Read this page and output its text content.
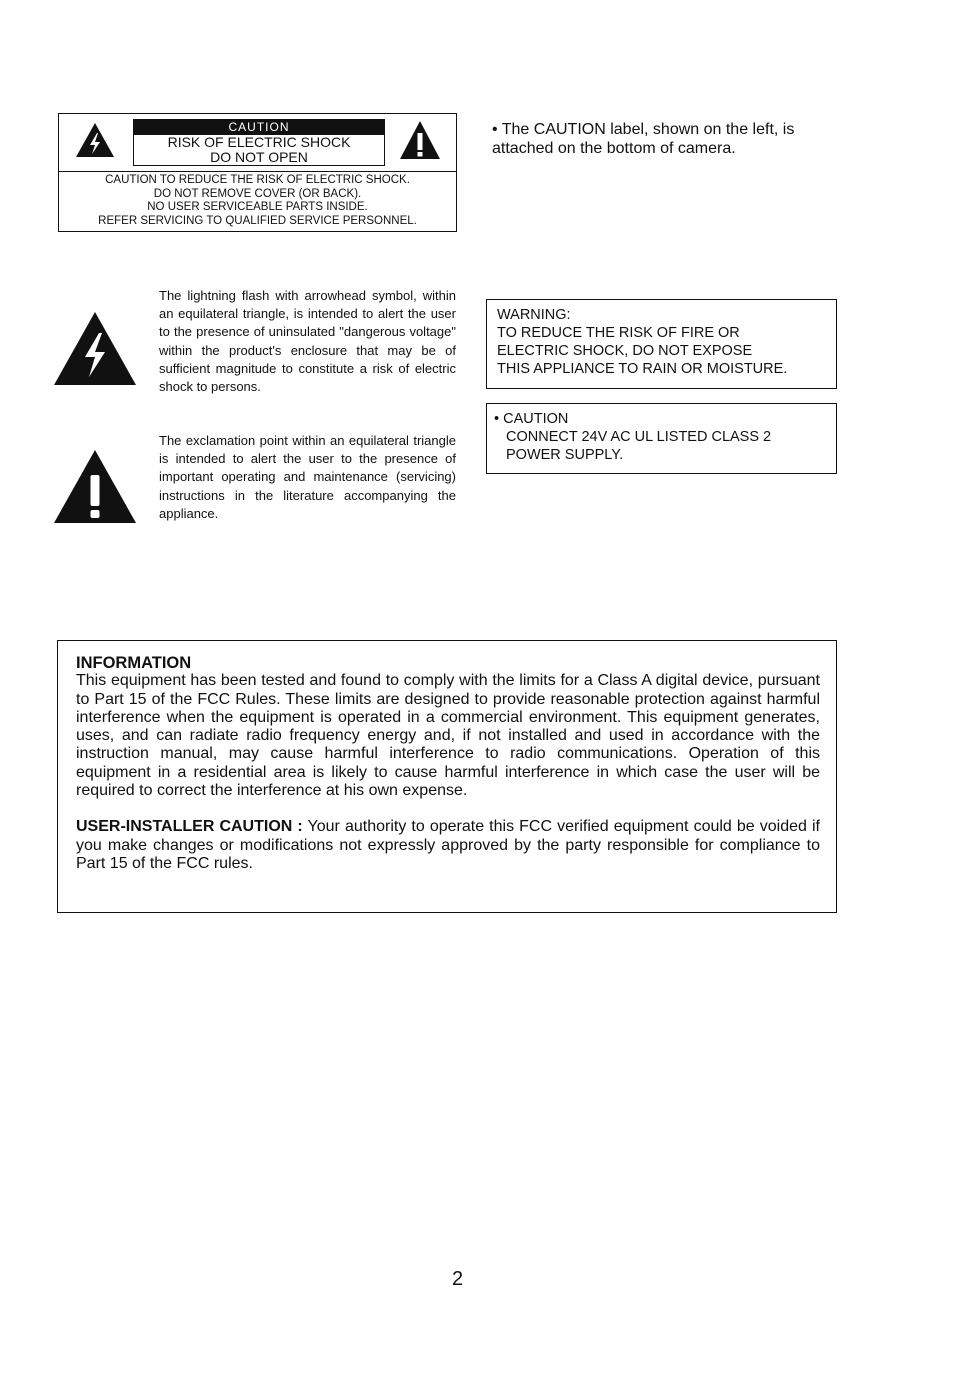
CAUTION
RISK OF ELECTRIC SHOCK
DO NOT OPEN
CAUTION TO REDUCE THE RISK OF ELECTRIC SHOCK.
DO NOT REMOVE COVER (OR BACK).
NO USER SERVICEABLE PARTS INSIDE.
REFER SERVICING TO QUALIFIED SERVICE PERSONNEL.
• The CAUTION label, shown on the left, is attached on the bottom of camera.
The lightning flash with arrowhead symbol, within an equilateral triangle, is intended to alert the user to the presence of uninsulated "dangerous voltage" within the product's enclosure that may be of sufficient magnitude to constitute a risk of electric shock to persons.
The exclamation point within an equilateral triangle is intended to alert the user to the presence of important operating and maintenance (servicing) instructions in the literature accompanying the appliance.
WARNING:
TO REDUCE THE RISK OF FIRE OR
ELECTRIC SHOCK, DO NOT EXPOSE
THIS APPLIANCE TO RAIN OR MOISTURE.
• CAUTION
CONNECT 24V AC UL LISTED CLASS 2
POWER SUPPLY.
INFORMATION

This equipment has been tested and found to comply with the limits for a Class A digital device, pursuant to Part 15 of the FCC Rules. These limits are designed to provide reasonable protection against harmful interference when the equipment is operated in a commercial environment. This equipment generates, uses, and can radiate radio frequency energy and, if not installed and used in accordance with the instruction manual, may cause harmful interference to radio communications. Operation of this equipment in a residential area is likely to cause harmful interference in which case the user will be required to correct the interference at his own expense.

USER-INSTALLER CAUTION : Your authority to operate this FCC verified equipment could be voided if you make changes or modifications not expressly approved by the party responsible for compliance to Part 15 of the FCC rules.

2
